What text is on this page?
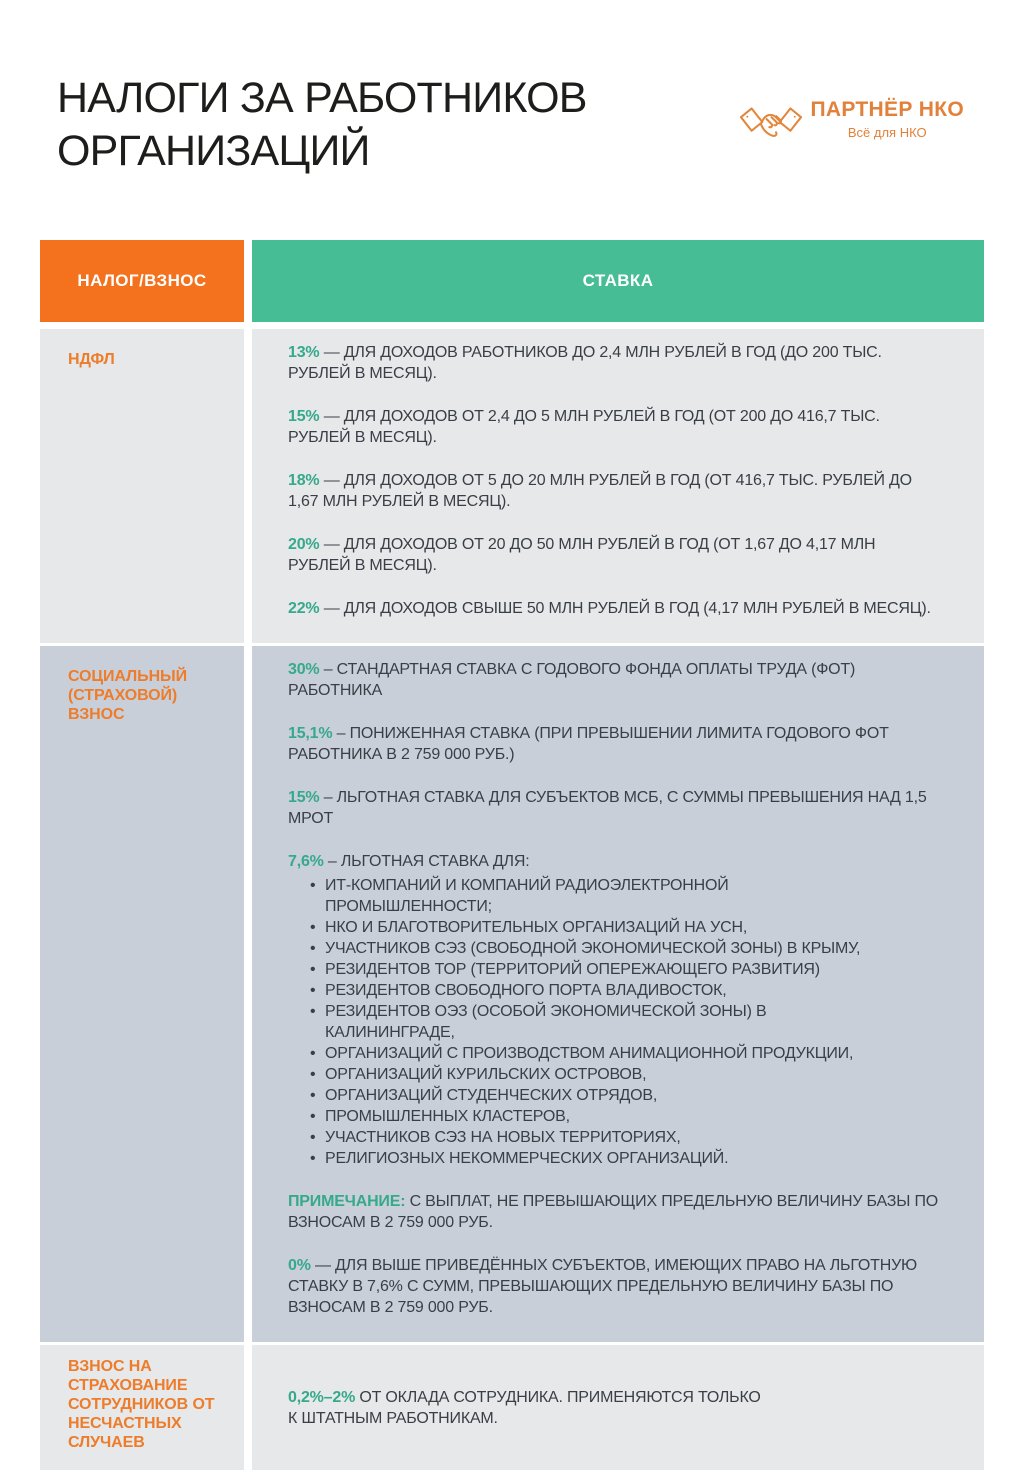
НАЛОГИ ЗА РАБОТНИКОВ
ОРГАНИЗАЦИЙ
ПАРТНЁР НКО
Всё для НКО
НАЛОГ/ВЗНОС	СТАВКА
НДФЛ	13% — ДЛЯ ДОХОДОВ РАБОТНИКОВ ДО 2,4 МЛН РУБЛЕЙ В ГОД (ДО 200 ТЫС. РУБЛЕЙ В МЕСЯЦ).

15% — ДЛЯ ДОХОДОВ ОТ 2,4 ДО 5 МЛН РУБЛЕЙ В ГОД (ОТ 200 ДО 416,7 ТЫС. РУБЛЕЙ В МЕСЯЦ).

18% — ДЛЯ ДОХОДОВ ОТ 5 ДО 20 МЛН РУБЛЕЙ В ГОД (ОТ 416,7 ТЫС. РУБЛЕЙ ДО 1,67 МЛН РУБЛЕЙ В МЕСЯЦ).

20% — ДЛЯ ДОХОДОВ ОТ 20 ДО 50 МЛН РУБЛЕЙ В ГОД (ОТ 1,67 ДО 4,17 МЛН РУБЛЕЙ В МЕСЯЦ).

22% — ДЛЯ ДОХОДОВ СВЫШЕ 50 МЛН РУБЛЕЙ В ГОД (4,17 МЛН РУБЛЕЙ В МЕСЯЦ).

СОЦИАЛЬНЫЙ (СТРАХОВОЙ) ВЗНОС

30% – СТАНДАРТНАЯ СТАВКА С ГОДОВОГО ФОНДА ОПЛАТЫ ТРУДА (ФОТ) РАБОТНИКА

15,1% – ПОНИЖЕННАЯ СТАВКА (ПРИ ПРЕВЫШЕНИИ ЛИМИТА ГОДОВОГО ФОТ РАБОТНИКА В 2 759 000 РУБ.)

15% – ЛЬГОТНАЯ СТАВКА ДЛЯ СУБЪЕКТОВ МСБ, С СУММЫ ПРЕВЫШЕНИЯ НАД 1,5 МРОТ

7,6% – ЛЬГОТНАЯ СТАВКА ДЛЯ:

• ИТ-КОМПАНИЙ И КОМПАНИЙ РАДИОЭЛЕКТРОННОЙ
ПРОМЫШЛЕННОСТИ;
• НКО И БЛАГОТВОРИТЕЛЬНЫХ ОРГАНИЗАЦИЙ НА УСН,
• УЧАСТНИКОВ СЭЗ (СВОБОДНОЙ ЭКОНОМИЧЕСКОЙ ЗОНЫ) В КРЫМУ,
• РЕЗИДЕНТОВ ТОР (ТЕРРИТОРИЙ ОПЕРЕЖАЮЩЕГО РАЗВИТИЯ)
• РЕЗИДЕНТОВ СВОБОДНОГО ПОРТА ВЛАДИВОСТОК,
• РЕЗИДЕНТОВ ОЭЗ (ОСОБОЙ ЭКОНОМИЧЕСКОЙ ЗОНЫ) В
КАЛИНИНГРАДЕ,
• ОРГАНИЗАЦИЙ С ПРОИЗВОДСТВОМ АНИМАЦИОННОЙ ПРОДУКЦИИ,
• ОРГАНИЗАЦИЙ КУРИЛЬСКИХ ОСТРОВОВ,
• ОРГАНИЗАЦИЙ СТУДЕНЧЕСКИХ ОТРЯДОВ,
• ПРОМЫШЛЕННЫХ КЛАСТЕРОВ,
• УЧАСТНИКОВ СЭЗ НА НОВЫХ ТЕРРИТОРИЯХ,
• РЕЛИГИОЗНЫХ НЕКОММЕРЧЕСКИХ ОРГАНИЗАЦИЙ.

ПРИМЕЧАНИЕ: С ВЫПЛАТ, НЕ ПРЕВЫШАЮЩИХ ПРЕДЕЛЬНУЮ ВЕЛИЧИНУ БАЗЫ ПО ВЗНОСАМ В 2 759 000 РУБ.

0% — ДЛЯ ВЫШЕ ПРИВЕДЁННЫХ СУБЪЕКТОВ, ИМЕЮЩИХ ПРАВО НА ЛЬГОТНУЮ СТАВКУ В 7,6% С СУММ, ПРЕВЫШАЮЩИХ ПРЕДЕЛЬНУЮ ВЕЛИЧИНУ БАЗЫ ПО ВЗНОСАМ В 2 759 000 РУБ.

ВЗНОС НА СТРАХОВАНИЕ СОТРУДНИКОВ ОТ НЕСЧАСТНЫХ СЛУЧАЕВ

0,2%–2% ОТ ОКЛАДА СОТРУДНИКА. ПРИМЕНЯЮТСЯ ТОЛЬКО
К ШТАТНЫМ РАБОТНИКАМ.
